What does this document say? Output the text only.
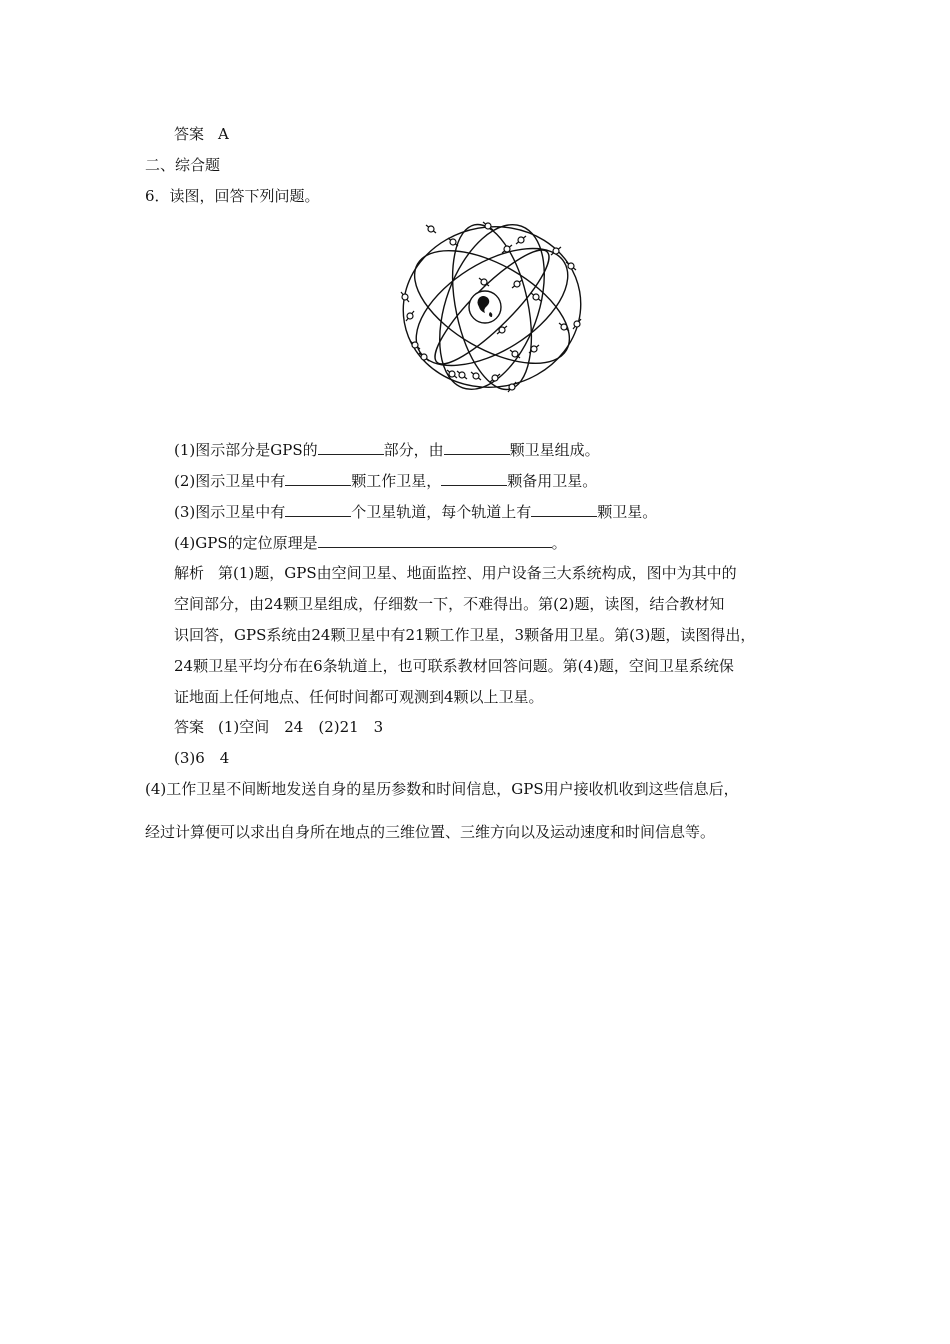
答案 A
二、综合题
6．读图，回答下列问题。
(1)图示部分是GPS的	部分，由	颗卫星组成。
(2)图示卫星中有	颗工作卫星，	颗备用卫星。
(3)图示卫星中有	个卫星轨道，每个轨道上有	颗卫星。
(4)GPS的定位原理是	。
解析 第(1)题，GPS由空间卫星、地面监控、用户设备三大系统构成，图中为其中的
空间部分，由24颗卫星组成，仔细数一下，不难得出。第(2)题，读图，结合教材知
识回答，GPS系统由24颗卫星中有21颗工作卫星，3颗备用卫星。第(3)题，读图得出，
24颗卫星平均分布在6条轨道上，也可联系教材回答问题。第(4)题，空间卫星系统保
证地面上任何地点、任何时间都可观测到4颗以上卫星。
答案 (1)空间　24　(2)21　3
(3)6　4
(4)工作卫星不间断地发送自身的星历参数和时间信息，GPS用户接收机收到这些信息后，
经过计算便可以求出自身所在地点的三维位置、三维方向以及运动速度和时间信息等。
